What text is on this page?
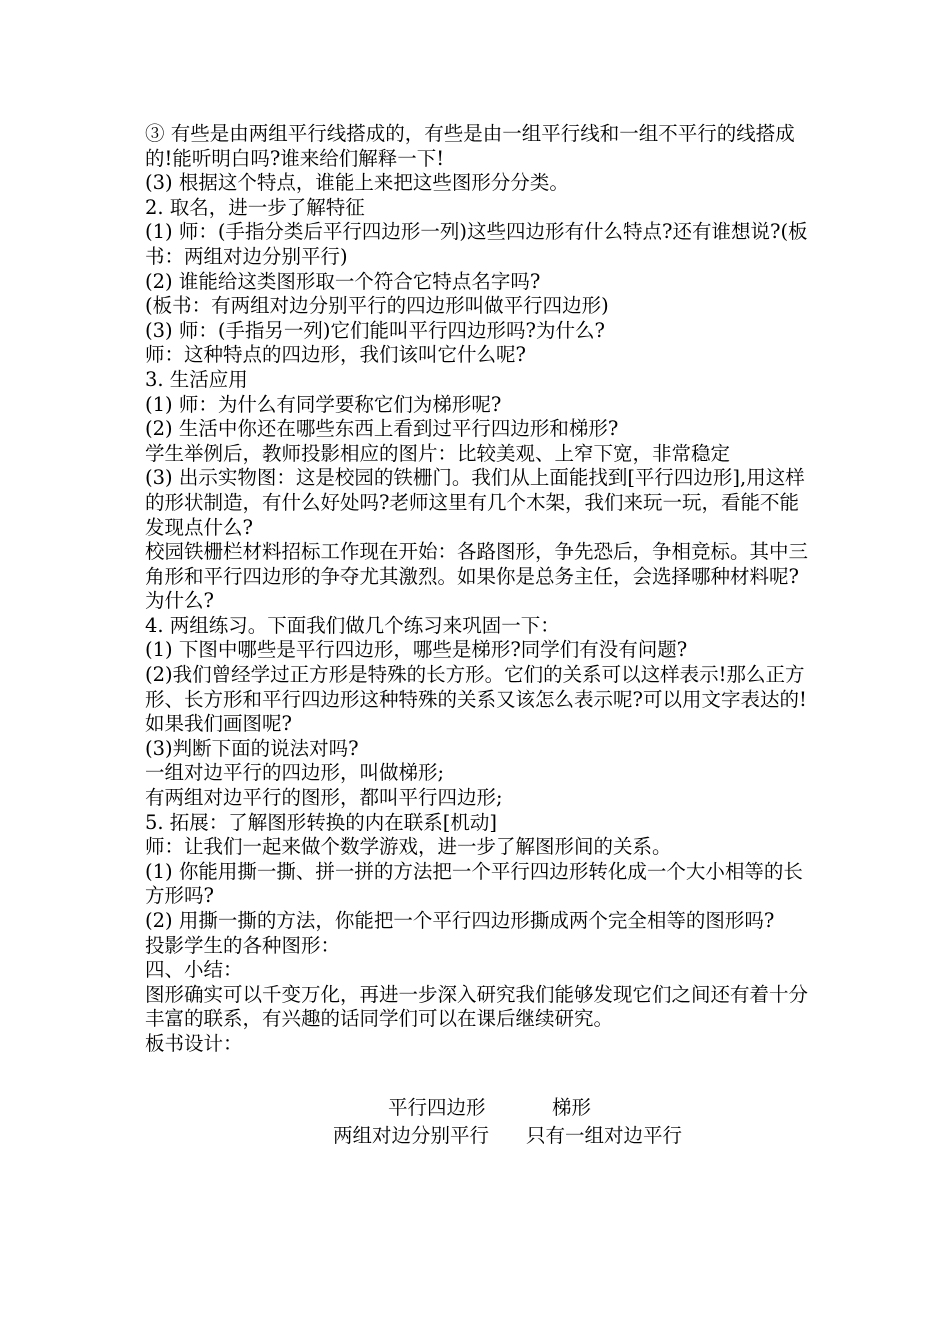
③ 有些是由两组平行线搭成的，有些是由一组平行线和一组不平行的线搭成的!能听明白吗?谁来给们解释一下!

(3) 根据这个特点，谁能上来把这些图形分分类。

2. 取名，进一步了解特征

(1) 师：(手指分类后平行四边形一列)这些四边形有什么特点?还有谁想说?(板书：两组对边分别平行)

(2) 谁能给这类图形取一个符合它特点名字吗?

(板书：有两组对边分别平行的四边形叫做平行四边形)

(3) 师：(手指另一列)它们能叫平行四边形吗?为什么?

师：这种特点的四边形，我们该叫它什么呢?

3. 生活应用

(1) 师：为什么有同学要称它们为梯形呢?

(2) 生活中你还在哪些东西上看到过平行四边形和梯形?

学生举例后，教师投影相应的图片：比较美观、上窄下宽，非常稳定

(3) 出示实物图：这是校园的铁栅门。我们从上面能找到[平行四边形],用这样的形状制造，有什么好处吗?老师这里有几个木架，我们来玩一玩，看能不能发现点什么?

校园铁栅栏材料招标工作现在开始：各路图形，争先恐后，争相竞标。其中三角形和平行四边形的争夺尤其激烈。如果你是总务主任，会选择哪种材料呢?为什么?

4. 两组练习。下面我们做几个练习来巩固一下：

(1) 下图中哪些是平行四边形，哪些是梯形?同学们有没有问题?

(2)我们曾经学过正方形是特殊的长方形。它们的关系可以这样表示!那么正方形、长方形和平行四边形这种特殊的关系又该怎么表示呢?可以用文字表达的!如果我们画图呢?

(3)判断下面的说法对吗?

一组对边平行的四边形，叫做梯形;

有两组对边平行的图形，都叫平行四边形;

5. 拓展：了解图形转换的内在联系[机动]

师：让我们一起来做个数学游戏，进一步了解图形间的关系。

(1) 你能用撕一撕、拼一拼的方法把一个平行四边形转化成一个大小相等的长方形吗?

(2) 用撕一撕的方法，你能把一个平行四边形撕成两个完全相等的图形吗?

投影学生的各种图形：

四、小结：

图形确实可以千变万化，再进一步深入研究我们能够发现它们之间还有着十分丰富的联系，有兴趣的话同学们可以在课后继续研究。

板书设计：

平行四边形	梯形
两组对边分别平行 只有一组对边平行
